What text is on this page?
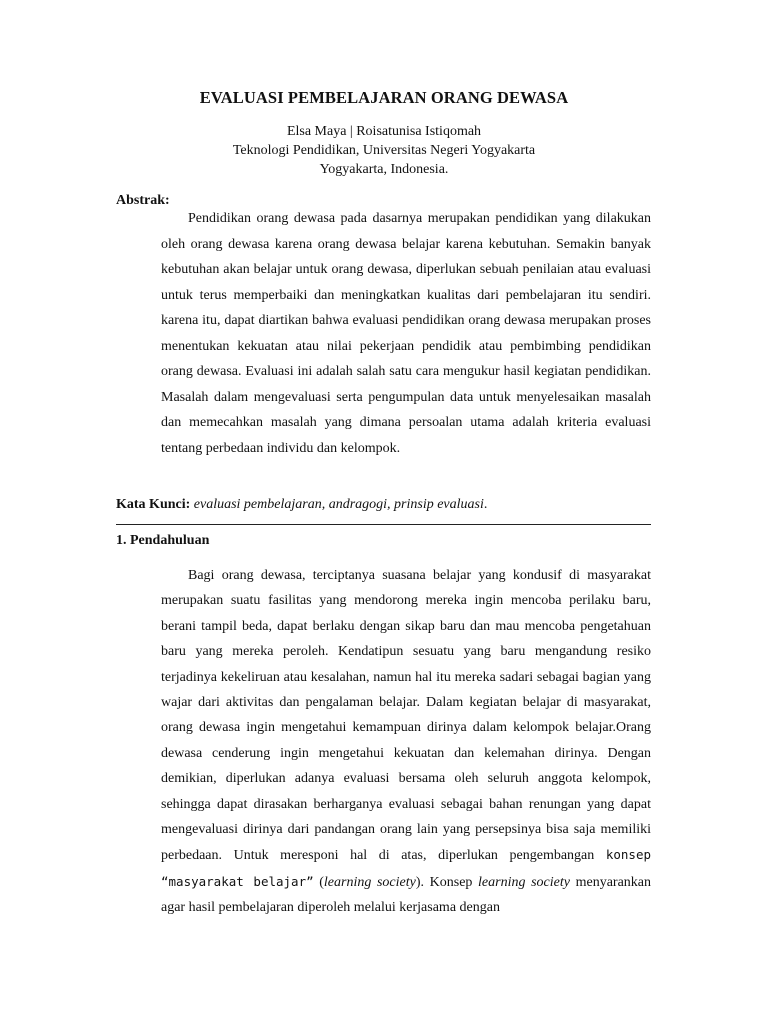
EVALUASI PEMBELAJARAN ORANG DEWASA
Elsa Maya | Roisatunisa Istiqomah
Teknologi Pendidikan, Universitas Negeri Yogyakarta
Yogyakarta, Indonesia.
Abstrak:

Pendidikan orang dewasa pada dasarnya merupakan pendidikan yang dilakukan oleh orang dewasa karena orang dewasa belajar karena kebutuhan. Semakin banyak kebutuhan akan belajar untuk orang dewasa, diperlukan sebuah penilaian atau evaluasi untuk terus memperbaiki dan meningkatkan kualitas dari pembelajaran itu sendiri. karena itu, dapat diartikan bahwa evaluasi pendidikan orang dewasa merupakan proses menentukan kekuatan atau nilai pekerjaan pendidik atau pembimbing pendidikan orang dewasa. Evaluasi ini adalah salah satu cara mengukur hasil kegiatan pendidikan. Masalah dalam mengevaluasi serta pengumpulan data untuk menyelesaikan masalah dan memecahkan masalah yang dimana persoalan utama adalah kriteria evaluasi tentang perbedaan individu dan kelompok.

Kata Kunci: evaluasi pembelajaran, andragogi, prinsip evaluasi.
1. Pendahuluan

Bagi orang dewasa, terciptanya suasana belajar yang kondusif di masyarakat merupakan suatu fasilitas yang mendorong mereka ingin mencoba perilaku baru, berani tampil beda, dapat berlaku dengan sikap baru dan mau mencoba pengetahuan baru yang mereka peroleh. Kendatipun sesuatu yang baru mengandung resiko terjadinya kekeliruan atau kesalahan, namun hal itu mereka sadari sebagai bagian yang wajar dari aktivitas dan pengalaman belajar. Dalam kegiatan belajar di masyarakat, orang dewasa ingin mengetahui kemampuan dirinya dalam kelompok belajar.Orang dewasa cenderung ingin mengetahui kekuatan dan kelemahan dirinya. Dengan demikian, diperlukan adanya evaluasi bersama oleh seluruh anggota kelompok, sehingga dapat dirasakan berharganya evaluasi sebagai bahan renungan yang dapat mengevaluasi dirinya dari pandangan orang lain yang persepsinya bisa saja memiliki perbedaan. Untuk meresponi hal di atas, diperlukan pengembangan konsep “masyarakat belajar” (learning society). Konsep learning society menyarankan agar hasil pembelajaran diperoleh melalui kerjasama dengan
